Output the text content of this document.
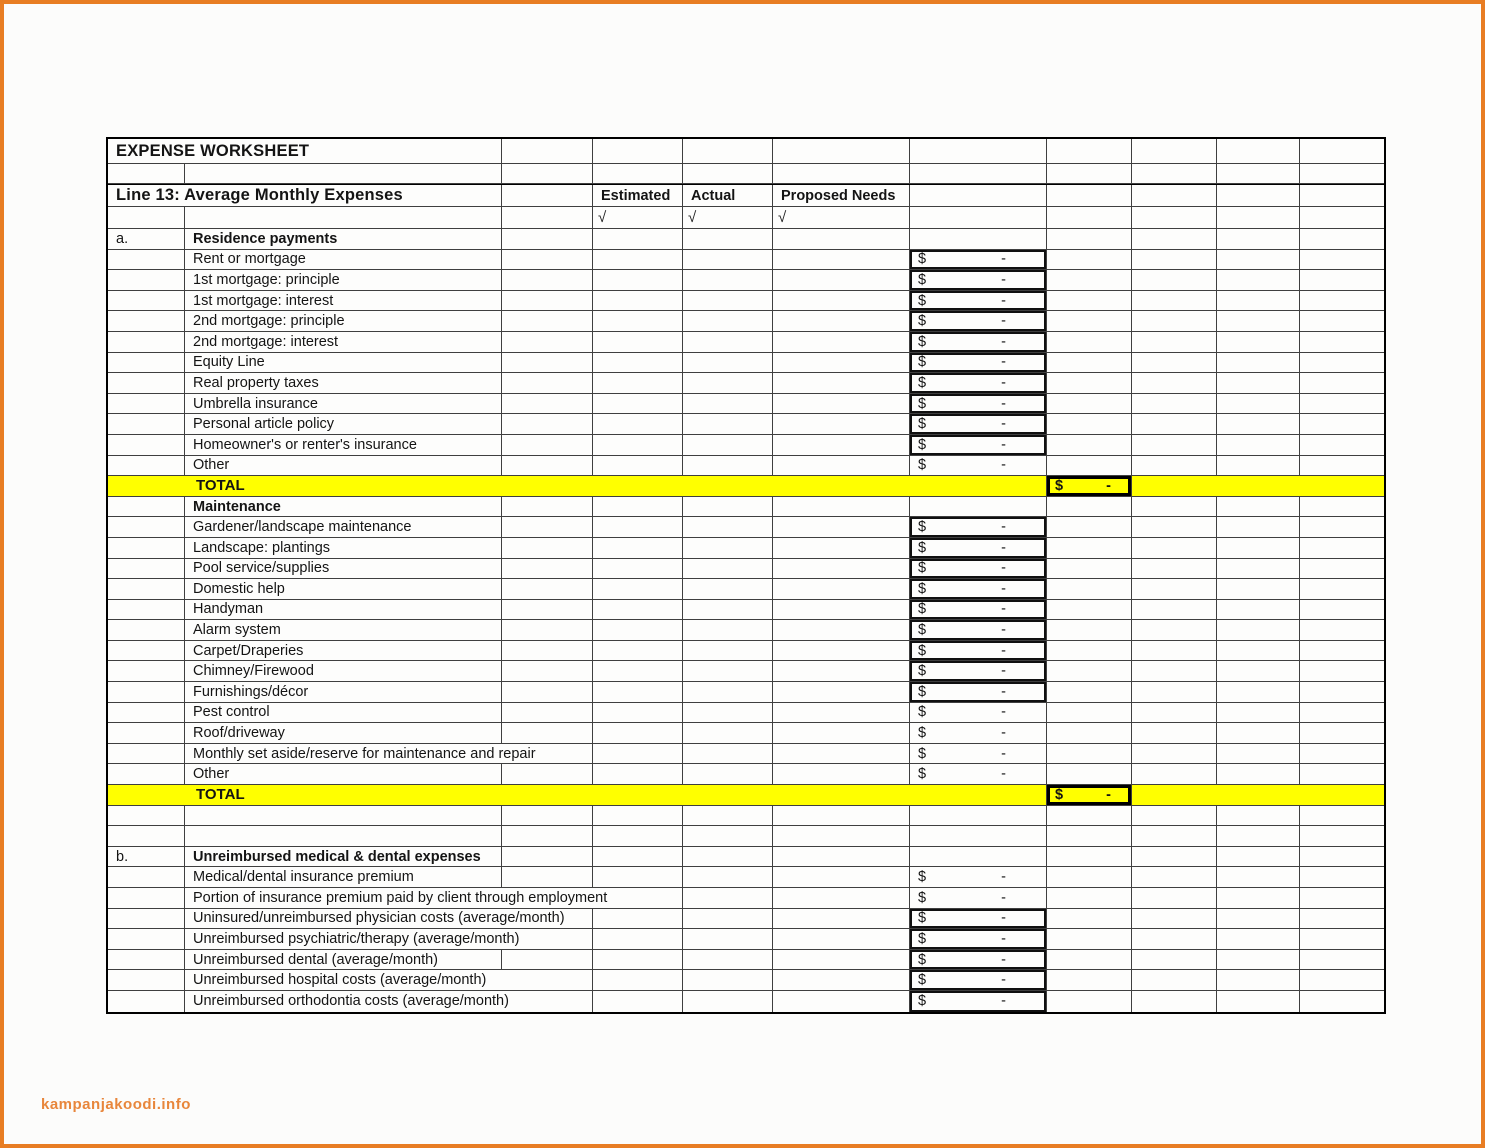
EXPENSE WORKSHEET
Line 13: Average Monthly Expenses	Estimated	Actual	Proposed Needs
√	√	√
a.	Residence payments
Rent or mortgage	$	-
1st mortgage: principle	$	-
1st mortgage: interest	$	-
2nd mortgage: principle	$	-
2nd mortgage: interest	$	-
Equity Line	$	-
Real property taxes	$	-
Umbrella insurance	$	-
Personal article policy	$	-
Homeowner's or renter's insurance	$	-
Other	$	-
TOTAL	$	-
Maintenance
Gardener/landscape maintenance	$	-
Landscape: plantings	$	-
Pool service/supplies	$	-
Domestic help	$	-
Handyman	$	-
Alarm system	$	-
Carpet/Draperies	$	-
Chimney/Firewood	$	-
Furnishings/décor	$	-
Pest control	$	-
Roof/driveway	$	-
Monthly set aside/reserve for maintenance and repair	$	-
Other	$	-
TOTAL	$	-
b.	Unreimbursed medical & dental expenses
Medical/dental insurance premium	$	-
Portion of insurance premium paid by client through employment	$	-
Uninsured/unreimbursed physician costs (average/month)	$	-
Unreimbursed psychiatric/therapy (average/month)	$	-
Unreimbursed dental (average/month)	$	-
Unreimbursed hospital costs (average/month)	$	-
Unreimbursed orthodontia costs (average/month)	$	-
kampanjakoodi.info
